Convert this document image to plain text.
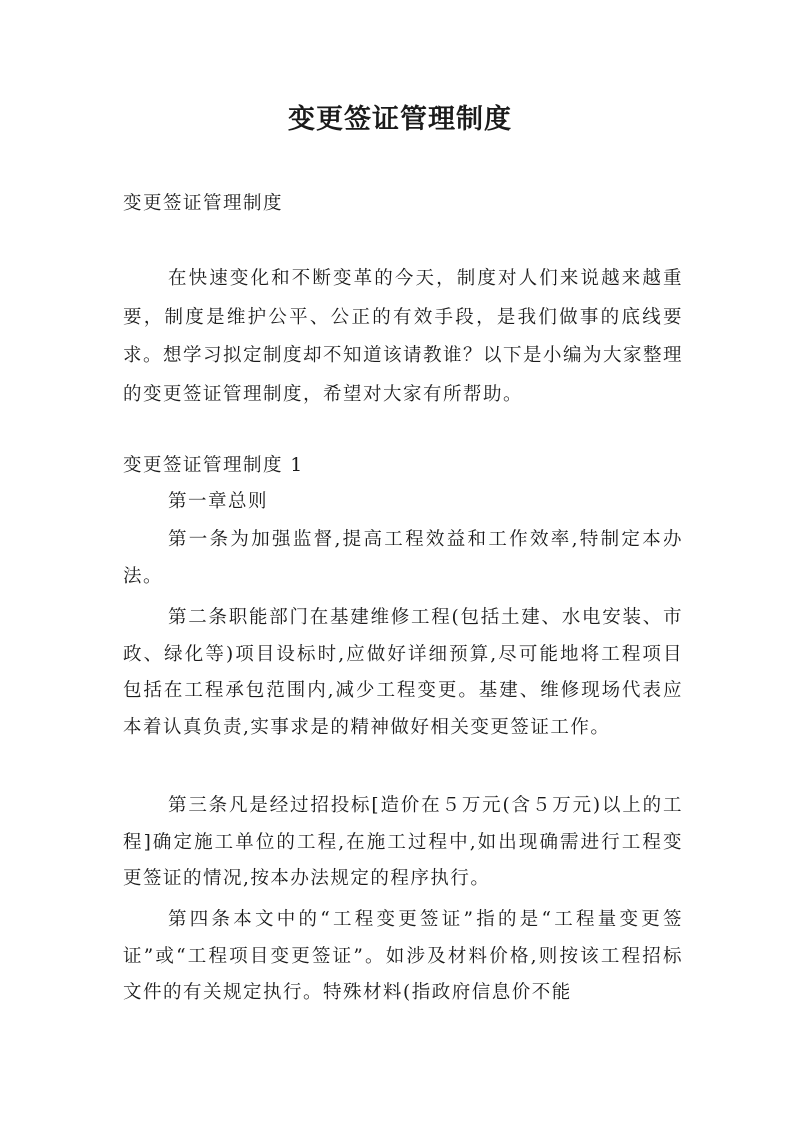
变更签证管理制度
变更签证管理制度
在快速变化和不断变革的今天，制度对人们来说越来越重要，制度是维护公平、公正的有效手段，是我们做事的底线要求。想学习拟定制度却不知道该请教谁？以下是小编为大家整理的变更签证管理制度，希望对大家有所帮助。
变更签证管理制度 1
第一章总则
第一条为加强监督,提高工程效益和工作效率,特制定本办法。
第二条职能部门在基建维修工程(包括土建、水电安装、市政、绿化等)项目设标时,应做好详细预算,尽可能地将工程项目包括在工程承包范围内,减少工程变更。基建、维修现场代表应本着认真负责,实事求是的精神做好相关变更签证工作。
第三条凡是经过招投标[造价在５万元(含５万元)以上的工程]确定施工单位的工程,在施工过程中,如出现确需进行工程变更签证的情况,按本办法规定的程序执行。
第四条本文中的“工程变更签证”指的是“工程量变更签证”或“工程项目变更签证”。如涉及材料价格,则按该工程招标文件的有关规定执行。特殊材料(指政府信息价不能
